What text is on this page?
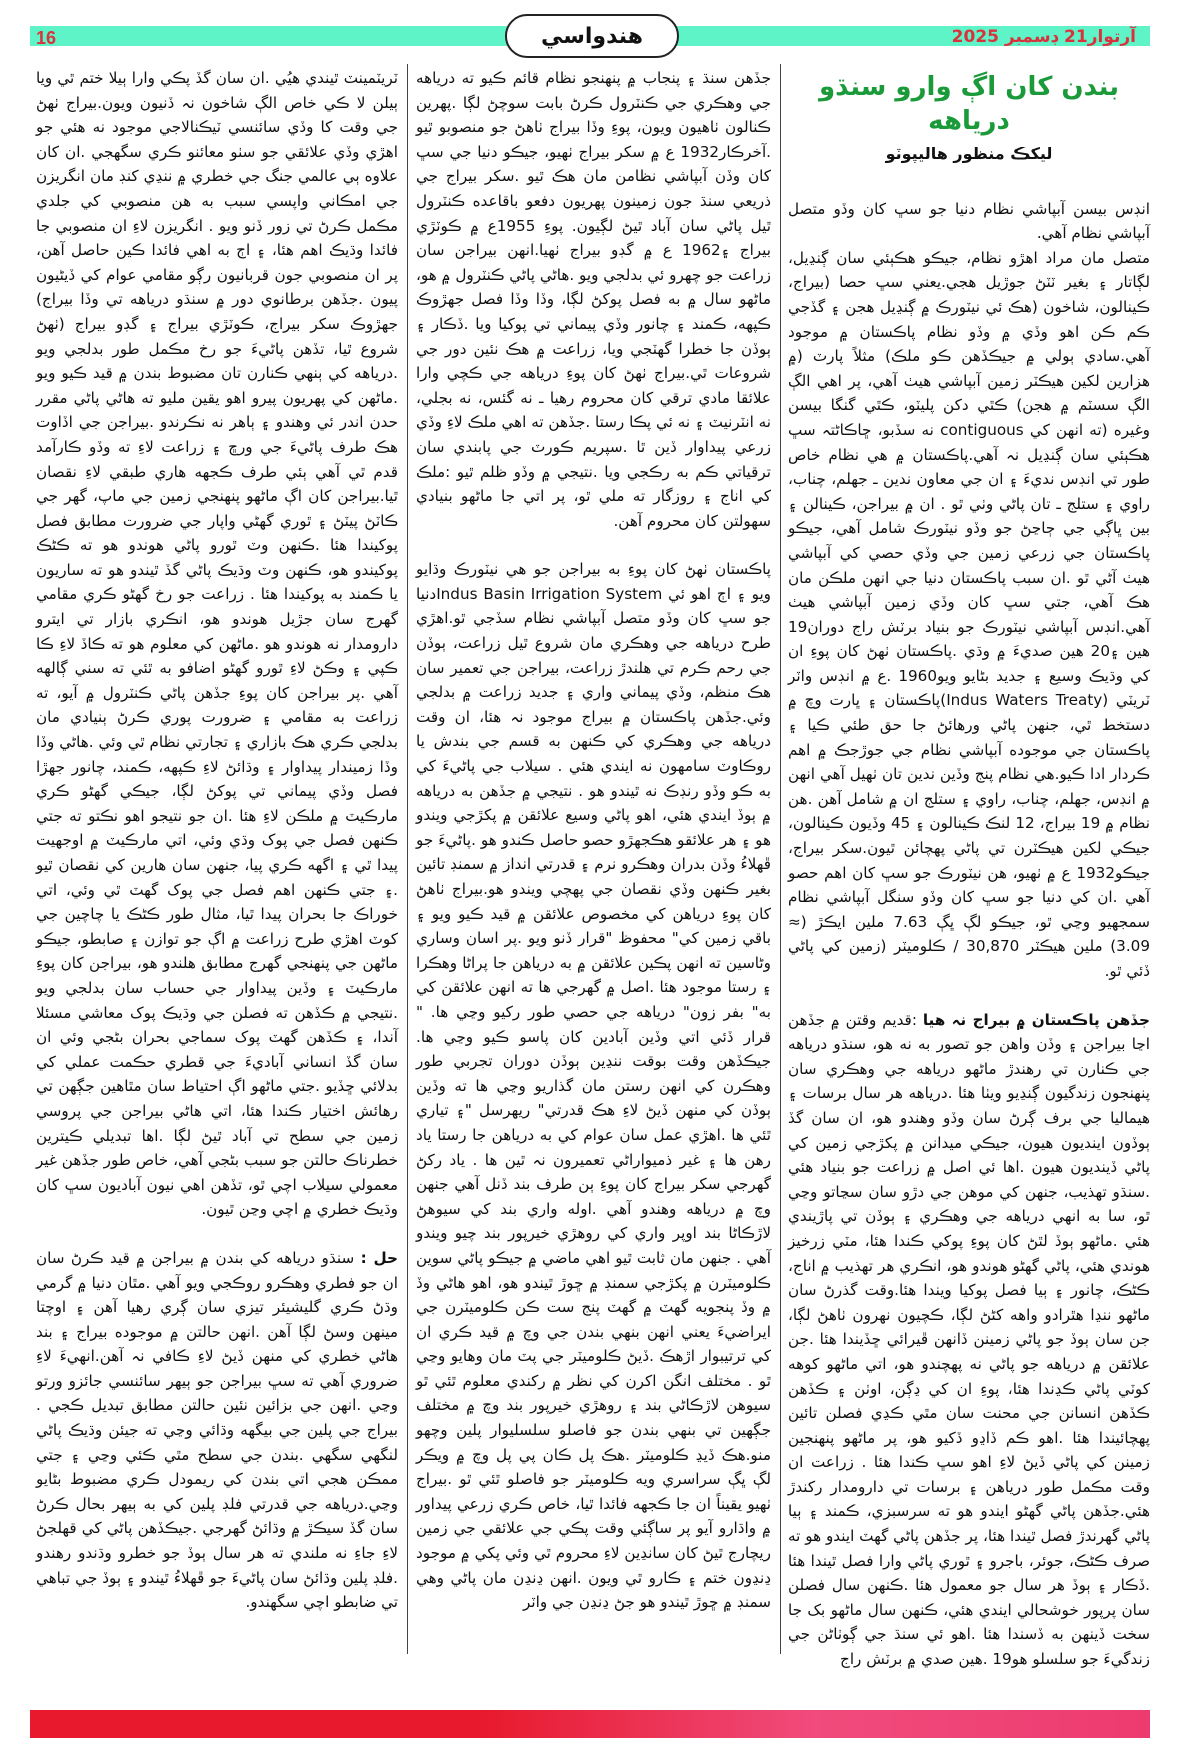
16	هندواسي	آرتوار21 ڊسمبر 2025
بندن کان اڳ وارو سنڌو درياهه
ليکڪ منظور هاليپوٽو

انڊس بيسن آبپاشي نظام دنيا جو سڀ کان وڏو متصل آبپاشي نظام آهي.

متصل مان مراد اهڙو نظام، جيڪو هڪٻئي سان ڳنڍيل، لڳاتار ۽ بغير ٽٽڻ جوڙيل هجي.يعني سڀ حصا (بيراج، ڪينالون، شاخون (هڪ ئي نيٽورڪ ۾ ڳنڍيل هجن ۽ گڏجي ڪم ڪن اهو وڏي ۾ وڏو نظام پاڪستان ۾ موجود آهي.سادي ٻولي ۾ جيڪڏهن ڪو ملڪ) مثلاً پارٽ (۾ هزارين لکين هيڪٽر زمين آبپاشي هيٺ آهي، پر اهي الڳ الڳ سسٽم ۾ هجن) ڪٿي دکن پليٽو، ڪٿي گنگا بيسن وغيره (ته انهن کي contiguous نه سڏبو، ڇاڪاڻتہ سڀ هڪٻئي سان ڳنڍيل نہ آهي.پاڪستان ۾ هي نظام خاص طور تي انڊس نديءَ ۽ ان جي معاون ندين ـ جهلم، چناب، راوي ۽ ستلج ـ تان پاڻي وٺي ٿو . ان ۾ بيراجن، ڪينالن ۽ بين ڀاڳي جي ڄاڃڻ جو وڏو نيٽورڪ شامل آهي، جيڪو پاڪستان جي زرعي زمين جي وڏي حصي کي آبپاشي هيٺ آڻي ٿو .ان سبب پاڪستان دنيا جي انهن ملڪن مان هڪ آهي، جتي سڀ کان وڏي زمين آبپاشي هيٺ آهي.انڊس آبپاشي نيٽورڪ جو بنياد برٽش راج دوران19 هين ۽20 هين صديءَ ۾ وڌي .پاڪستان ٺهڻ کان پوءِ ان کي وڌيڪ وسيع ۽ جديد بڻايو ويو1960 .ع ۾ انڊس واٽر ٽريٽي (Indus Waters Treaty)پاڪستان ۽ ڀارت وچ ۾ دستخط ٿي، جنهن پاڻي ورهائڻ جا حق طئي ڪيا ۽ پاڪستان جي موجوده آبپاشي نظام جي جوڙجڪ ۾ اهم ڪردار ادا ڪيو.هي نظام پنج وڏين ندين تان ٺهيل آهي انهن ۾ انڊس، جهلم، چناب، راوي ۽ ستلج ان ۾ شامل آهن .هن نظام ۾ 19 بيراج، 12 لنڪ ڪينالون ۽ 45 وڏيون ڪينالون، جيڪي لکين هيڪٽرن تي پاڻي پهچائن ٿيون.سکر بيراج، جيڪو1932 ع ۾ ٺهيو، هن نيٽورڪ جو سڀ کان اهم حصو آهي .ان کي دنيا جو سڀ کان وڏو سنگل آبپاشي نظام سمجهيو وڃي ٿو، جيڪو لڳ ڀڳ 7.63 ملين ايڪڙ (≈ 3.09) ملين هيڪٽر 30,870 / ڪلوميٽر (زمين کي پاڻي ڏئي ٿو.

جڏهن پاڪستان ۾ بيراج نہ هيا :قديم وقتن ۾ جڏهن اڃا بيراجن ۽ وڏن واهن جو تصور به نه هو، سنڌو درياهه جي ڪنارن تي رهندڙ ماڻهو درياهه جي وهڪري سان پنهنجون زندگيون ڳنڍيو ويٺا هئا .درياهه هر سال برسات ۽ هيماليا جي برف ڳرڻ سان وڏو وهندو هو، ان سان گڏ ٻوڏون اينديون هيون، جيڪي ميدانن ۾ پکڙجي زمين کي پاڻي ڏينديون هيون .اها ئي اصل ۾ زراعت جو بنياد هئي .سنڌو تهذيب، جنهن کي موهن جي دڙو سان سڃاتو وڃي ٿو، سا به انهي درياهه جي وهڪري ۽ ٻوڏن تي پاڙيندي هئي .ماڻهو ٻوڏ لٿڻ کان پوءِ پوکي ڪندا هئا، مٽي زرخيز هوندي هئي، پاڻي گهڻو هوندو هو، انڪري هر تهذيب ۾ اناج، ڪڻڪ، چانور ۽ ٻيا فصل پوکيا ويندا هئا.وقت گذرڻ سان ماڻهو ننڍا هٿرادو واهه کڻڻ لڳا، ڪچيون نهرون ٺاهڻ لڳا، جن سان ٻوڏ جو پاڻي زمينن ڏانهن ڦيرائي ڇڏيندا هئا .جن علائقن ۾ درياهه جو پاڻي نه پهچندو هو، اتي ماڻهو کوهه کوٽي پاڻي ڪڍندا هئا، پوءِ ان کي ڍڳن، اوٺن ۽ ڪڏهن ڪڏهن انسانن جي محنت سان مٿي ڪڍي فصلن تائين پهچائيندا هئا .اهو ڪم ڏاڍو ڏکيو هو، پر ماڻهو پنهنجين زمينن کي پاڻي ڏيڻ لاءِ اهو سڀ ڪندا هئا . زراعت ان وقت مڪمل طور درياهن ۽ برسات تي دارومدار رکندڙ هئي.جڏهن پاڻي گهڻو ايندو هو ته سرسبزي، ڪمند ۽ ٻيا پاڻي گهرندڙ فصل ٿيندا هئا، پر جڏهن پاڻي گهٽ ايندو هو ته صرف ڪڻڪ، جوئر، باجرو ۽ ٿوري پاڻي وارا فصل ٿيندا هئا .ڏڪار ۽ ٻوڏ هر سال جو معمول هئا .ڪنهن سال فصلن سان پرپور خوشحالي ايندي هئي، ڪنهن سال ماڻهو بک جا سخت ڏينهن به ڏسندا هئا .اهو ئي سنڌ جي ڳوٺاڻن جي زندگيءَ جو سلسلو هو19 .هين صدي ۾ برٽش راج

جڏهن سنڌ ۽ پنجاب ۾ پنهنجو نظام قائم ڪيو ته درياهه جي وهڪري جي ڪنٽرول ڪرڻ بابت سوچڻ لڳا .پهرين ڪنالون ٺاهيون ويون، پوءِ وڏا بيراج ٺاهڻ جو منصوبو ٿيو .آخرڪار1932 ع ۾ سکر بيراج ٺهيو، جيڪو دنيا جي سڀ کان وڏن آبپاشي نظامن مان هڪ ٿيو .سکر بيراج جي ذريعي سنڌ جون زمينون پهريون دفعو باقاعده ڪنٽرول ٿيل پاڻي سان آباد ٿيڻ لڳيون. پوءِ 1955ع ۾ ڪوٽڙي بيراج ۽1962 ع ۾ گڊو بيراج ٺهيا.انهن بيراجن سان زراعت جو چهرو ئي بدلجي ويو .هاڻي پاڻي ڪنٽرول ۾ هو، ماڻهو سال ۾ به فصل پوکڻ لڳا، وڏا وڏا فصل جهڙوڪ ڪپهه، ڪمند ۽ چانور وڏي پيماني تي پوکيا ويا .ڏڪار ۽ ٻوڏن جا خطرا گهٽجي ويا، زراعت ۾ هڪ نئين دور جي شروعات ٿي.بيراج ٺهڻ کان پوءِ درياهه جي ڪچي وارا علائقا مادي ترقي کان محروم رهيا ـ نه گئس، نه بجلي، نه انٽرنيٽ ۽ نه ئي پڪا رستا .جڏهن ته اهي ملڪ لاءِ وڏي زرعي پيداوار ڏين ٿا .سپريم ڪورٽ جي پابندي سان ترقياتي ڪم به رڪجي ويا .نتيجي ۾ وڏو ظلم ٿيو :ملڪ کي اناج ۽ روزگار ته ملي ٿو، پر اتي جا ماڻهو بنيادي سهولتن کان محروم آهن.

پاڪستان ٺهڻ کان پوءِ به بيراجن جو هي نيٽورڪ وڌايو ويو ۽ اڄ اهو ئي Indus Basin Irrigation Systemدنيا جو سڀ کان وڏو متصل آبپاشي نظام سڏجي ٿو.اهڙي طرح درياهه جي وهڪري مان شروع ٿيل زراعت، ٻوڏن جي رحم ڪرم تي هلندڙ زراعت، بيراجن جي تعمير سان هڪ منظم، وڏي پيماني واري ۽ جديد زراعت ۾ بدلجي وئي.جڏهن پاڪستان ۾ بيراج موجود نہ هئا، ان وقت درياهه جي وهڪري کي ڪنهن به قسم جي بندش يا روڪاوٽ سامهون نه ايندي هئي . سيلاب جي پاڻيءَ کي به ڪو وڏو رنڊڪ نه ٿيندو هو . نتيجي ۾ جڏهن به درياهه ۾ ٻوڏ ايندي هئي، اهو پاڻي وسيع علائقن ۾ پکڙجي ويندو هو ۽ هر علائقو هڪجهڙو حصو حاصل ڪندو هو .پاڻيءَ جو ڦهلاءُ وڏن بدران وهڪرو نرم ۽ قدرتي انداز ۾ سمنڊ تائين بغير ڪنهن وڏي نقصان جي پهچي ويندو هو.بيراج ٺاهڻ کان پوءِ درياهن کي مخصوص علائقن ۾ قيد ڪيو ويو ۽ باقي زمين کي" محفوظ "قرار ڏنو ويو .پر اسان وساري وڻاسين ته انهن پڪين علائقن ۾ به درياهن جا پراڻا وهڪرا ۽ رستا موجود هئا .اصل ۾ گهرجي ها ته انهن علائقن کي به" بفر زون" درياهه جي حصي طور رکيو وڃي ها. " قرار ڏئي اتي وڏين آبادين کان پاسو ڪيو وڃي ها. جيڪڏهن وقت بوقت ننڍين ٻوڏن دوران تجربي طور وهڪرن کي انهن رستن مان گذاريو وڃي ها ته وڏين ٻوڏن کي منهن ڏيڻ لاءِ هڪ قدرتي" ريهرسل "۽ تياري ٿئي ها .اهڙي عمل سان عوام کي به درياهن جا رستا ياد رهن ها ۽ غير ذميواراڻي تعميرون نہ ٿين ها . ياد رکڻ گهرجي سکر بيراج کان پوءِ ٻن طرف بند ڏنل آهي جنهن وچ ۾ درياهه وهندو آهي .اوله واري بند کي سيوهڻ لاڙڪاڻا بند اوپر واري کي روهڙي خيرپور بند چيو ويندو آهي . جنهن مان ثابت ٿيو اهي ماضي ۾ جيڪو پاڻي سوين ڪلوميٽرن ۾ پکڙجي سمنڊ ۾ ڇوڙ ٿيندو هو، اهو هاڻي وڏ ۾ وڏ پنجويه گهٽ ۾ گهٽ پنج ست ڪن ڪلوميٽرن جي ايراضيءَ يعني انهن بنهي بندن جي وچ ۾ قيد ڪري ان کي ترتيبوار اڙهڪ .ڏيڻ ڪلوميٽر جي پٽ مان وهايو وڃي ٿو . مختلف انگن اکرن کي نظر ۾ رکندي معلوم ٿئي ٿو سيوهن لاڙڪاڻي بند ۽ روهڙي خيرپور بند وچ ۾ مختلف جڳهين تي بنهي بندن جو فاصلو سلسليوار پلين وچهو منو.هڪ ڏيڍ ڪلوميٽر .هڪ پل ڪان پي پل وچ ۾ ويڪر لڳ ڀڳ سراسري ويه ڪلوميٽر جو فاصلو ٿئي ٿو .بيراج ٺهيو يقيناً ان جا ڪجهه فائدا ٿيا، خاص ڪري زرعي پيداور ۾ واڌارو آيو پر ساڳئي وقت پڪي جي علائقي جي زمين ريچارج ٿيڻ کان سانڍين لاءِ محروم ٿي وئي پکي ۾ موجود ڍنڍون ختم ۽ ڪارو ٿي ويون .انهن ڍنڍن مان پاڻي وهي سمنڊ ۾ ڇوڙ ٿيندو هو جڻ ڍنڍن جي واٽر

ٽريٽمينٽ ٿيندي هيُي .ان سان گڏ پڪي وارا ٻيلا ختم ٿي ويا ٻيلن لا ڪي خاص الڳ شاخون نہ ڏنيون ويون.بيراج ٺهڻ جي وقت کا وڏي سائنسي ٽيڪنالاجي موجود نه هئي جو اهڙي وڏي علائقي جو سٺو معائنو ڪري سگهجي .ان کان علاوه ٻي عالمي جنگ جي خطري ۾ ننڍي کنڊ مان انگريزن جي امڪاني واپسي سبب به هن منصوبي کي جلدي مڪمل ڪرڻ تي زور ڏنو ويو . انگريزن لاءِ ان منصوبي جا فائدا وڌيڪ اهم هئا، ۽ اڄ به اهي فائدا ڪين حاصل آهن، پر ان منصوبي جون قربانيون رڳو مقامي عوام کي ڏيڻيون پيون .جڏهن برطانوي دور ۾ سنڌو درياهه تي وڏا بيراج) جهڙوڪ سکر بيراج، ڪوٽڙي بيراج ۽ گڊو بيراج (ٺهڻ شروع ٿيا، تڏهن پاڻيءَ جو رخ مڪمل طور بدلجي ويو .درياهه کي ٻنهي ڪنارن تان مضبوط بندن ۾ قيد ڪيو ويو .ماڻهن کي پهريون پيرو اهو يقين مليو ته هاڻي پاڻي مقرر حدن اندر ئي وهندو ۽ ٻاهر نه نڪرندو .بيراجن جي اڏاوت هڪ طرف پاڻيءَ جي ورڇ ۽ زراعت لاءِ ته وڏو ڪارآمد قدم ٿي آهي ٻئي طرف ڪجهه هاري طبقي لاءِ نقصان ٿيا.بيراجن کان اڳ ماڻهو پنهنجي زمين جي ماپ، گهر جي ڪاٽڻ پيٽڻ ۽ ٿوري گهڻي واپار جي ضرورت مطابق فصل پوکيندا هئا .ڪنهن وٽ ٿورو پاڻي هوندو هو ته ڪڻڪ پوکيندو هو، ڪنهن وٽ وڌيڪ پاڻي گڏ ٿيندو هو ته ساريون يا ڪمند به پوکيندا هئا . زراعت جو رخ گهڻو ڪري مقامي گهرج سان جڙيل هوندو هو، انڪري بازار تي ايترو دارومدار نه هوندو هو .ماڻهن کي معلوم هو ته ڪاڏ لاءِ ڪا ڪپي ۽ وڪڻ لاءِ ٿورو گهڻو اضافو به ٿئي ته سني ڳالهه آهي .پر بيراجن کان پوءِ جڏهن پاڻي ڪنٽرول ۾ آيو، ته زراعت به مقامي ۽ ضرورت پوري ڪرڻ ٻنيادي مان بدلجي ڪري هڪ بازاري ۽ تجارتي نظام ٿي وئي .هاڻي وڏا وڏا زميندار پيداوار ۽ وڌائڻ لاءِ ڪپهه، ڪمند، چانور جهڙا فصل وڏي پيماني تي پوکڻ لڳا، جيڪي گهڻو ڪري مارڪيٽ ۾ ملڪن لاءِ هئا .ان جو نتيجو اهو نڪتو ته جتي ڪنهن فصل جي پوک وڌي وئي، اتي مارڪيٽ ۾ اوجهيت پيدا ٿي ۽ اگهه ڪري پيا، جنهن سان هارين کي نقصان ٿيو .۽ جتي ڪنهن اهم فصل جي پوک گهٽ ٿي وئي، اتي خوراڪ جا بحران پيدا ٿيا، مثال طور ڪڻڪ يا چاچين جي کوٽ اهڙي طرح زراعت ۾ اڳ جو توازن ۽ صابطو، جيڪو ماڻهن جي پنهنجي گهرج مطابق هلندو هو، بيراجن کان پوءِ مارڪيٽ ۽ وڏين پيداوار جي حساب سان بدلجي ويو .نتيجي ۾ ڪڏهن ته فصلن جي وڌيڪ پوک معاشي مسئلا آندا، ۽ ڪڏهن گهٽ پوک سماجي بحران بڻجي وئي ان سان گڏ انساني آباديءَ جي قطري حڪمت عملي کي بدلائي ڇڏيو .جتي ماڻهو اڳ احتياط سان مٿاهين جڳهن تي رهائش اختيار ڪندا هئا، اتي هاڻي بيراجن جي پروسي زمين جي سطح تي آباد ٿيڻ لڳا .اها تبديلي ڪيترين خطرناڪ حالتن جو سبب بڻجي آهي، خاص طور جڏهن غير معمولي سيلاب اچي ٿو، تڏهن اهي نيون آباديون سڀ کان وڌيڪ خطري ۾ اچي وڃن ٿيون.

حل : سنڌو درياهه کي بندن ۾ بيراجن ۾ قيد ڪرڻ سان ان جو فطري وهڪرو روڪجي ويو آهي .مٿان دنيا ۾ گرمي وڌڻ ڪري گليشيئر تيزي سان ڳري رهيا آهن ۽ اوچتا مينهن وسڻ لڳا آهن .انهن حالتن ۾ موجوده بيراج ۽ بند هاڻي خطري کي منهن ڏيڻ لاءِ ڪافي نہ آهن.انهيءَ لاءِ ضروري آهي ته سڀ بيراجن جو ٻيهر سائنسي جائزو ورتو وڃي .انهن جي بزائين نئين حالتن مطابق تبديل ڪجي . بيراج جي پلين جي بيگهه وڌائي وڃي ته جيئن وڌيڪ پاڻي لنگهي سگهي .بندن جي سطح مٿي ڪئي وڃي ۽ جتي ممڪن هجي اتي بندن کي ريمودل ڪري مضبوط بڻايو وڃي.درياهه جي قدرتي فلڊ پلين کي به ٻيهر بحال ڪرڻ سان گڏ سيڪڙ ۾ وڌائڻ گهرجي .جيڪڏهن پاڻي کي قهلجڻ لاءِ جاءِ نه ملندي ته هر سال ٻوڏ جو خطرو وڌندو رهندو .فلڊ پلين وڌائڻ سان پاڻيءَ جو ڦهلاءُ ٿيندو ۽ ٻوڏ جي تباهي تي ضابطو اچي سگهندو.
